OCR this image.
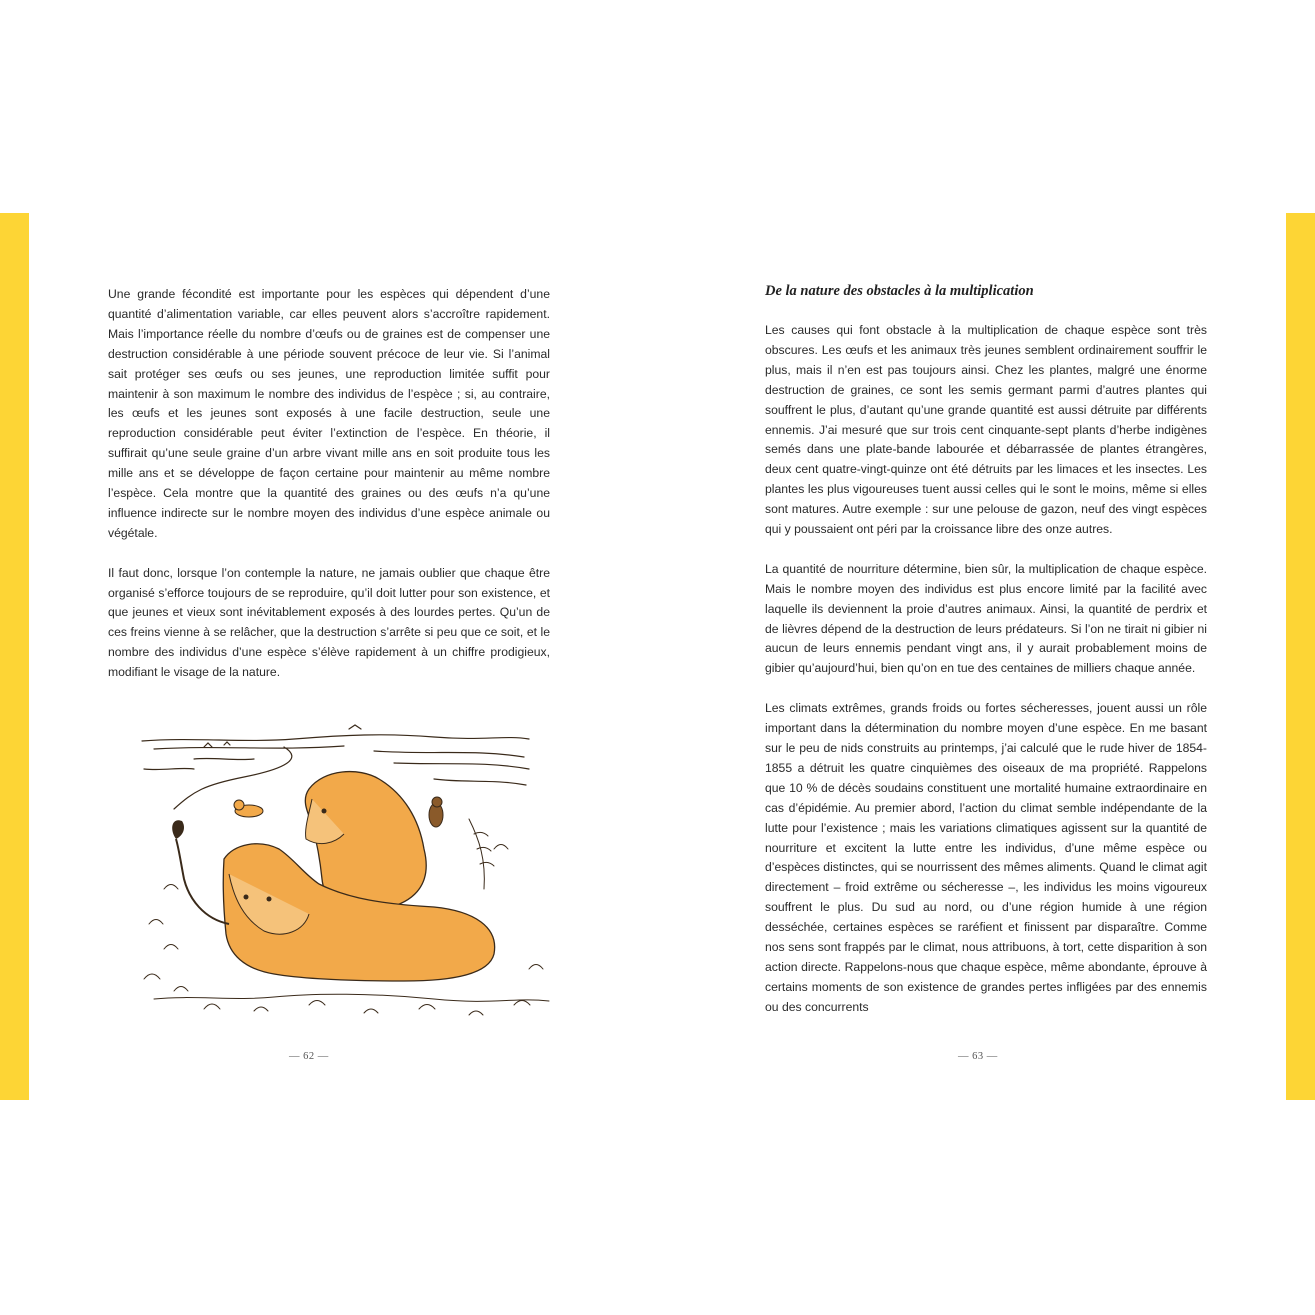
Une grande fécondité est importante pour les espèces qui dépendent d’une quantité d’alimentation variable, car elles peuvent alors s’accroître rapidement. Mais l’importance réelle du nombre d’œufs ou de graines est de compenser une destruction considérable à une période souvent précoce de leur vie. Si l’animal sait protéger ses œufs ou ses jeunes, une reproduction limitée suffit pour maintenir à son maximum le nombre des individus de l’espèce ; si, au contraire, les œufs et les jeunes sont exposés à une facile destruction, seule une reproduction considérable peut éviter l’extinction de l’espèce. En théorie, il suffirait qu’une seule graine d’un arbre vivant mille ans en soit produite tous les mille ans et se développe de façon certaine pour maintenir au même nombre l’espèce. Cela montre que la quantité des graines ou des œufs n’a qu’une influence indirecte sur le nombre moyen des individus d’une espèce animale ou végétale.

Il faut donc, lorsque l’on contemple la nature, ne jamais oublier que chaque être organisé s’efforce toujours de se reproduire, qu’il doit lutter pour son existence, et que jeunes et vieux sont inévitablement exposés à des lourdes pertes. Qu’un de ces freins vienne à se relâcher, que la destruction s’arrête si peu que ce soit, et le nombre des individus d’une espèce s’élève rapidement à un chiffre prodigieux, modifiant le visage de la nature.

— 62 —
De la nature des obstacles à la multiplication

Les causes qui font obstacle à la multiplication de chaque espèce sont très obscures. Les œufs et les animaux très jeunes semblent ordinairement souffrir le plus, mais il n’en est pas toujours ainsi. Chez les plantes, malgré une énorme destruction de graines, ce sont les semis germant parmi d’autres plantes qui souffrent le plus, d’autant qu’une grande quantité est aussi détruite par différents ennemis. J’ai mesuré que sur trois cent cinquante-sept plants d’herbe indigènes semés dans une plate-bande labourée et débarrassée de plantes étrangères, deux cent quatre-vingt-quinze ont été détruits par les limaces et les insectes. Les plantes les plus vigoureuses tuent aussi celles qui le sont le moins, même si elles sont matures. Autre exemple : sur une pelouse de gazon, neuf des vingt espèces qui y poussaient ont péri par la croissance libre des onze autres.

La quantité de nourriture détermine, bien sûr, la multiplication de chaque espèce. Mais le nombre moyen des individus est plus encore limité par la facilité avec laquelle ils deviennent la proie d’autres animaux. Ainsi, la quantité de perdrix et de lièvres dépend de la destruction de leurs prédateurs. Si l’on ne tirait ni gibier ni aucun de leurs ennemis pendant vingt ans, il y aurait probablement moins de gibier qu’aujourd’hui, bien qu’on en tue des centaines de milliers chaque année.

Les climats extrêmes, grands froids ou fortes sécheresses, jouent aussi un rôle important dans la détermination du nombre moyen d’une espèce. En me basant sur le peu de nids construits au printemps, j’ai calculé que le rude hiver de 1854-1855 a détruit les quatre cinquièmes des oiseaux de ma propriété. Rappelons que 10 % de décès soudains constituent une mortalité humaine extraordinaire en cas d’épidémie. Au premier abord, l’action du climat semble indépendante de la lutte pour l’existence ; mais les variations climatiques agissent sur la quantité de nourriture et excitent la lutte entre les individus, d’une même espèce ou d’espèces distinctes, qui se nourrissent des mêmes aliments. Quand le climat agit directement – froid extrême ou sécheresse –, les individus les moins vigoureux souffrent le plus. Du sud au nord, ou d’une région humide à une région desséchée, certaines espèces se raréfient et finissent par disparaître. Comme nos sens sont frappés par le climat, nous attribuons, à tort, cette disparition à son action directe. Rappelons-nous que chaque espèce, même abondante, éprouve à certains moments de son existence de grandes pertes infligées par des ennemis ou des concurrents

— 63 —
